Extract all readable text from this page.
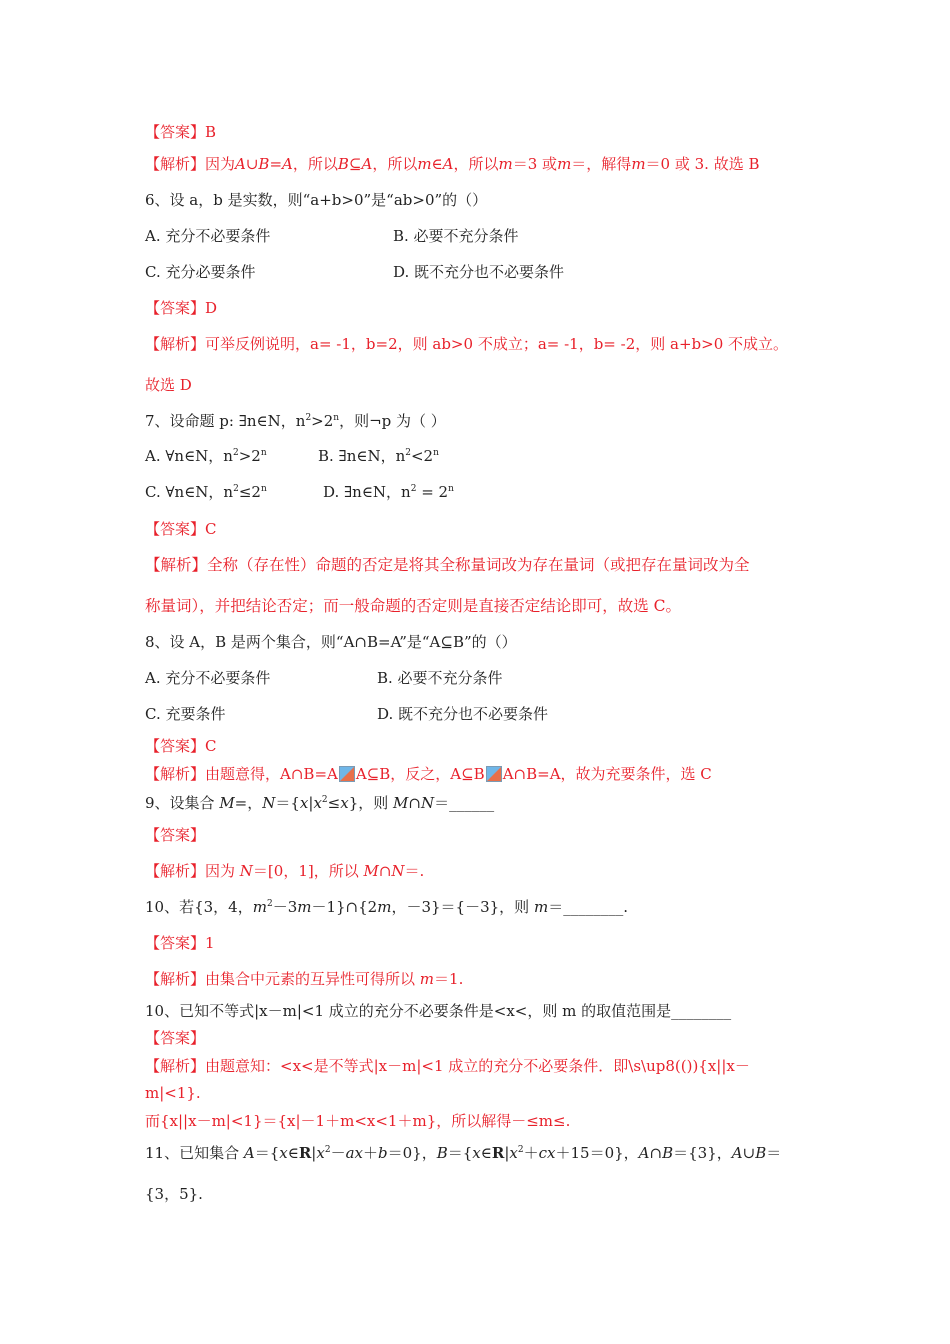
【答案】B
【解析】因为A∪B=A，所以B⊆A，所以m∈A，所以m＝3 或m＝，解得m＝0 或 3. 故选 B
6、设 a，b 是实数，则“a+b>0”是“ab>0”的（）
A. 充分不必要条件	B. 必要不充分条件
C. 充分必要条件	D. 既不充分也不必要条件
【答案】D
【解析】可举反例说明，a= -1，b=2，则 ab>0 不成立；a= -1，b= -2，则 a+b>0 不成立。
故选 D
7、设命题 p: ∃n∈N，$n^2>2^n$，则¬p 为（ ）
A. ∀n∈N，$n^2>2^n$	B. ∃n∈N，$n^2<2^n$
C. ∀n∈N，$n^2\le 2^n$	D. ∃n∈N，$n^2 = 2^n$
【答案】C
【解析】全称（存在性）命题的否定是将其全称量词改为存在量词（或把存在量词改为全
称量词），并把结论否定；而一般命题的否定则是直接否定结论即可，故选 C。
8、设 A，B 是两个集合，则“A∩B=A”是“A⊆B”的（）
A. 充分不必要条件	B. 必要不充分条件
C. 充要条件	D. 既不充分也不必要条件
【答案】C
【解析】由题意得，A∩B=A A⊆B，反之，A⊆B A∩B=A，故为充要条件，选 C
9、设集合 M=，$N=\{x|x^2\le x\}$，则 M∩N＝______
【答案】
【解析】因为 N＝[0，1]，所以 M∩N＝.
10、若{3，4，$m^2-3m-1\}\cap\{2m$，－3}＝{－3}，则 m＝________.
【答案】1
【解析】由集合中元素的互异性可得所以 m＝1.
10、已知不等式|x－m|<1 成立的充分不必要条件是<x<，则 m 的取值范围是________
【答案】
【解析】由题意知：<x<是不等式|x－m|<1 成立的充分不必要条件．即\s\up8(()){x||x－
m|<1}.
而{x||x－m|<1}＝{x|－1＋m<x<1＋m}，所以解得－≤m≤.
11、已知集合 $A=\{x\in R|x^2-ax+b=0\}$，$B=\{x\in R|x^2+cx+15=0\}$，A∩B＝{3}，A∪B＝
{3，5}.
